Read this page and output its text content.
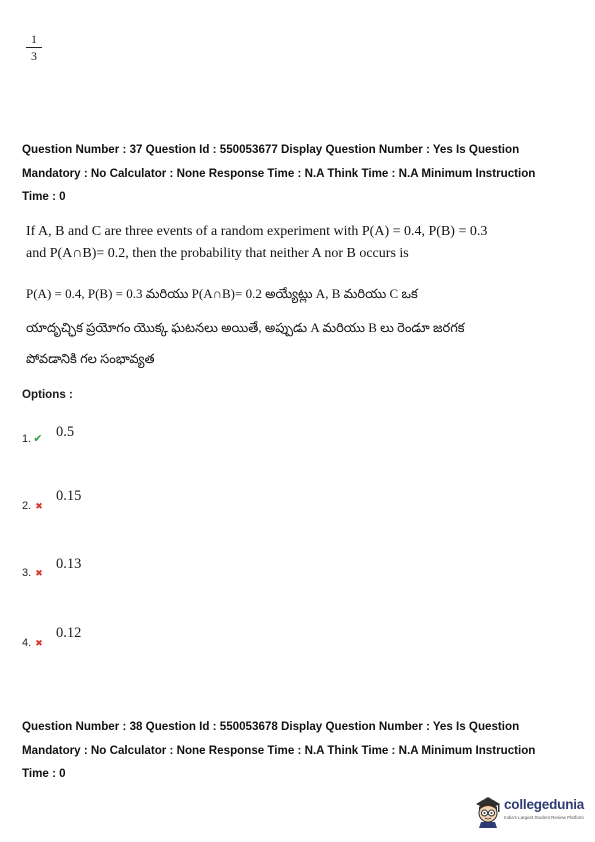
1
3
Question Number : 37 Question Id : 550053677 Display Question Number : Yes Is Question
Mandatory : No Calculator : None Response Time : N.A Think Time : N.A Minimum Instruction
Time : 0
If A, B and C are three events of a random experiment with P(A) = 0.4, P(B) = 0.3
and P(A∩B)= 0.2, then the probability that neither A nor B occurs is
P(A) = 0.4, P(B) = 0.3 మరియు P(A∩B)= 0.2 అయ్యేట్లు A, B మరియు C ఒక
యాదృచ్ఛిక ప్రయోగం యొక్క ఘటనలు అయితే, అప్పుడు A మరియు B లు రెండూ జరగక
పోవడానికి గల సంభావ్యత
Options :
1. ✔ 0.5
2. ✖
0.15
3. ✖
0.13
4. ✖
0.12
Question Number : 38 Question Id : 550053678 Display Question Number : Yes Is Question
Mandatory : No Calculator : None Response Time : N.A Think Time : N.A Minimum Instruction
Time : 0
collegedunia
India's Largest Student Review Platform
